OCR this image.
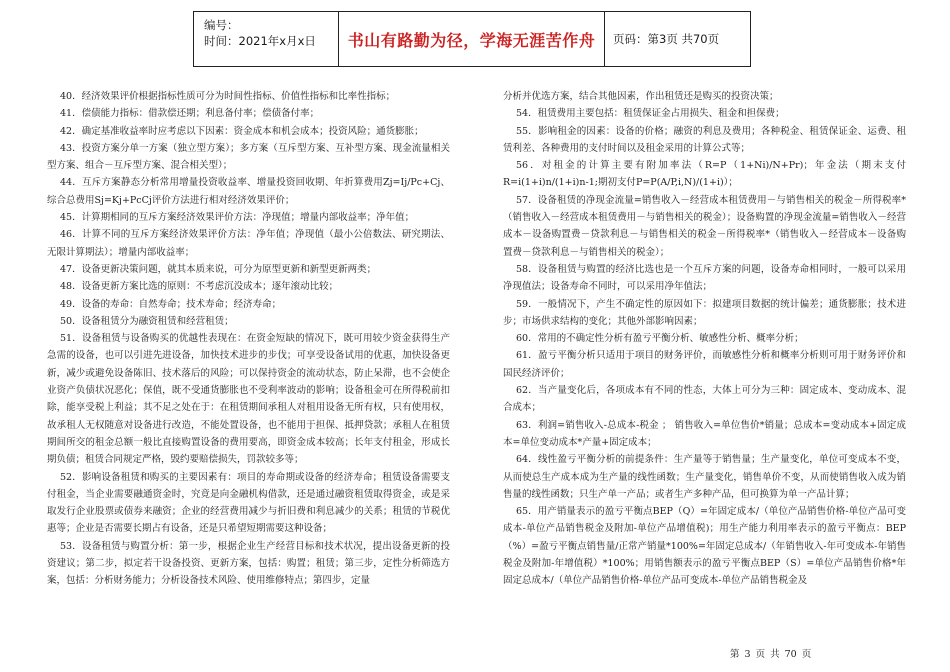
编号：
时间：2021年x月x日	书山有路勤为径，学海无涯苦作舟	页码：第3页 共70页

40．经济效果评价根据指标性质可分为时间性指标、价值性指标和比率性指标；

41．偿债能力指标：借款偿还期；利息备付率；偿债备付率；

42．确定基准收益率时应考虑以下因素：资金成本和机会成本；投资风险；通货膨胀；

43．投资方案分单一方案（独立型方案）；多方案（互斥型方案、互补型方案、现金流量相关型方案、组合－互斥型方案、混合相关型）；

44．互斥方案静态分析常用增量投资收益率、增量投资回收期、年折算费用Zj=Ij/Pc+Cj、综合总费用Sj=Kj+PcCj评价方法进行相对经济效果评价；

45．计算期相同的互斥方案经济效果评价方法：净现值；增量内部收益率；净年值；

46．计算不同的互斥方案经济效果评价方法：净年值；净现值（最小公倍数法、研究期法、无限计算期法）；增量内部收益率；

47．设备更新决策问题，就其本质来说，可分为原型更新和新型更新两类；

48．设备更新方案比选的原则：不考虑沉没成本；逐年滚动比较；

49．设备的寿命：自然寿命；技术寿命；经济寿命；

50．设备租赁分为融资租赁和经营租赁；

51．设备租赁与设备购买的优越性表现在：在资金短缺的情况下，既可用较少资金获得生产急需的设备，也可以引进先进设备，加快技术进步的步伐；可享受设备试用的优惠，加快设备更新，减少或避免设备陈旧、技术落后的风险；可以保持资金的流动状态，防止呆滞，也不会使企业资产负债状况恶化；保值，既不受通货膨胀也不受利率波动的影响；设备租金可在所得税前扣除，能享受税上利益；其不足之处在于：在租赁期间承租人对租用设备无所有权，只有使用权，故承租人无权随意对设备进行改造，不能处置设备，也不能用于担保、抵押贷款；承租人在租赁期间所交的租金总额一般比直接购置设备的费用要高，即资金成本较高；长年支付租金，形成长期负债；租赁合同规定严格，毁约要赔偿损失，罚款较多等；

52．影响设备租赁和购买的主要因素有：项目的寿命期或设备的经济寿命；租赁设备需要支付租金，当企业需要融通资金时，究竟是向金融机构借款，还是通过融资租赁取得资金，或是采取发行企业股票或债券来融资；企业的经营费用减少与折旧费和利息减少的关系；租赁的节税优惠等；企业是否需要长期占有设备，还是只希望短期需要这种设备；

53．设备租赁与购置分析：第一步，根据企业生产经营目标和技术状况，提出设备更新的投资建议；第二步，拟定若干设备投资、更新方案，包括：购置；租赁；第三步，定性分析筛选方案，包括：分析财务能力；分析设备技术风险、使用维修特点；第四步，定量

分析并优选方案，结合其他因素，作出租赁还是购买的投资决策；

54．租赁费用主要包括：租赁保证金占用损失、租金和担保费；

55．影响租金的因素：设备的价格；融资的利息及费用；各种税金、租赁保证金、运费、租赁利差、各种费用的支付时间以及租金采用的计算公式等；

56．对租金的计算主要有附加率法（R=P（1+Ni)/N+Pr)；年金法（期末支付R=i(1+i)n/(1+i)n-1;期初支付P=P(A/P,i,N)/(1+i)）；

57．设备租赁的净现金流量=销售收入－经营成本租赁费用－与销售相关的税金－所得税率*（销售收入－经营成本租赁费用－与销售相关的税金）；设备购置的净现金流量=销售收入－经营成本－设备购置费－贷款利息－与销售相关的税金－所得税率*（销售收入－经营成本－设备购置费－贷款利息－与销售相关的税金）；

58．设备租赁与购置的经济比选也是一个互斥方案的问题，设备寿命相同时，一般可以采用净现值法；设备寿命不同时，可以采用净年值法；

59．一般情况下，产生不确定性的原因如下：拟建项目数据的统计偏差；通货膨胀；技术进步；市场供求结构的变化；其他外部影响因素；

60．常用的不确定性分析有盈亏平衡分析、敏感性分析、概率分析；

61．盈亏平衡分析只适用于项目的财务评价，而敏感性分析和概率分析则可用于财务评价和国民经济评价；

62．当产量变化后，各项成本有不同的性态，大体上可分为三种：固定成本、变动成本、混合成本；

63．利润=销售收入-总成本-税金 ； 销售收入=单位售价*销量；总成本=变动成本+固定成本=单位变动成本*产量+固定成本；

64．线性盈亏平衡分析的前提条件：生产量等于销售量；生产量变化，单位可变成本不变，从而使总生产成本成为生产量的线性函数；生产量变化，销售单价不变，从而使销售收入成为销售量的线性函数；只生产单一产品；或者生产多种产品，但可换算为单一产品计算；

65．用产销量表示的盈亏平衡点BEP（Q）=年固定成本/（单位产品销售价格-单位产品可变成本-单位产品销售税金及附加-单位产品增值税)；用生产能力利用率表示的盈亏平衡点：BEP（%）=盈亏平衡点销售量/正常产销量*100%=年固定总成本/（年销售收入-年可变成本-年销售税金及附加-年增值税）*100%；用销售额表示的盈亏平衡点BEP（S）=单位产品销售价格*年固定总成本/（单位产品销售价格-单位产品可变成本-单位产品销售税金及

第 3 页 共 70 页
